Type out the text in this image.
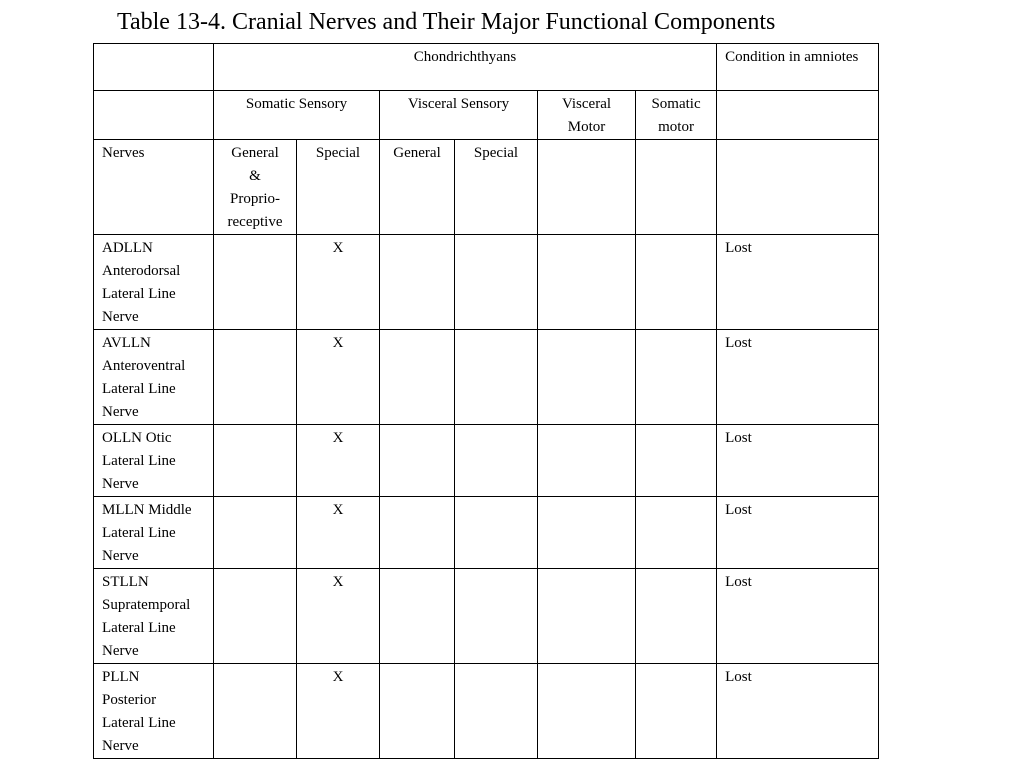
Table 13-4. Cranial Nerves and Their Major Functional Components
	Chondrichthyans						Condition in amniotes
	Somatic Sensory		Visceral Sensory		Visceral Motor	Somatic motor	
Nerves	General
&
Proprio-
receptive	Special	General	Special			
ADLLN
Anterodorsal
Lateral Line
Nerve		X					Lost
AVLLN
Anteroventral
Lateral Line
Nerve		X					Lost
OLLN Otic
Lateral Line
Nerve		X					Lost
MLLN Middle
Lateral Line
Nerve		X					Lost
STLLN
Supratemporal
Lateral Line
Nerve		X					Lost
PLLN
Posterior
Lateral Line
Nerve		X					Lost
